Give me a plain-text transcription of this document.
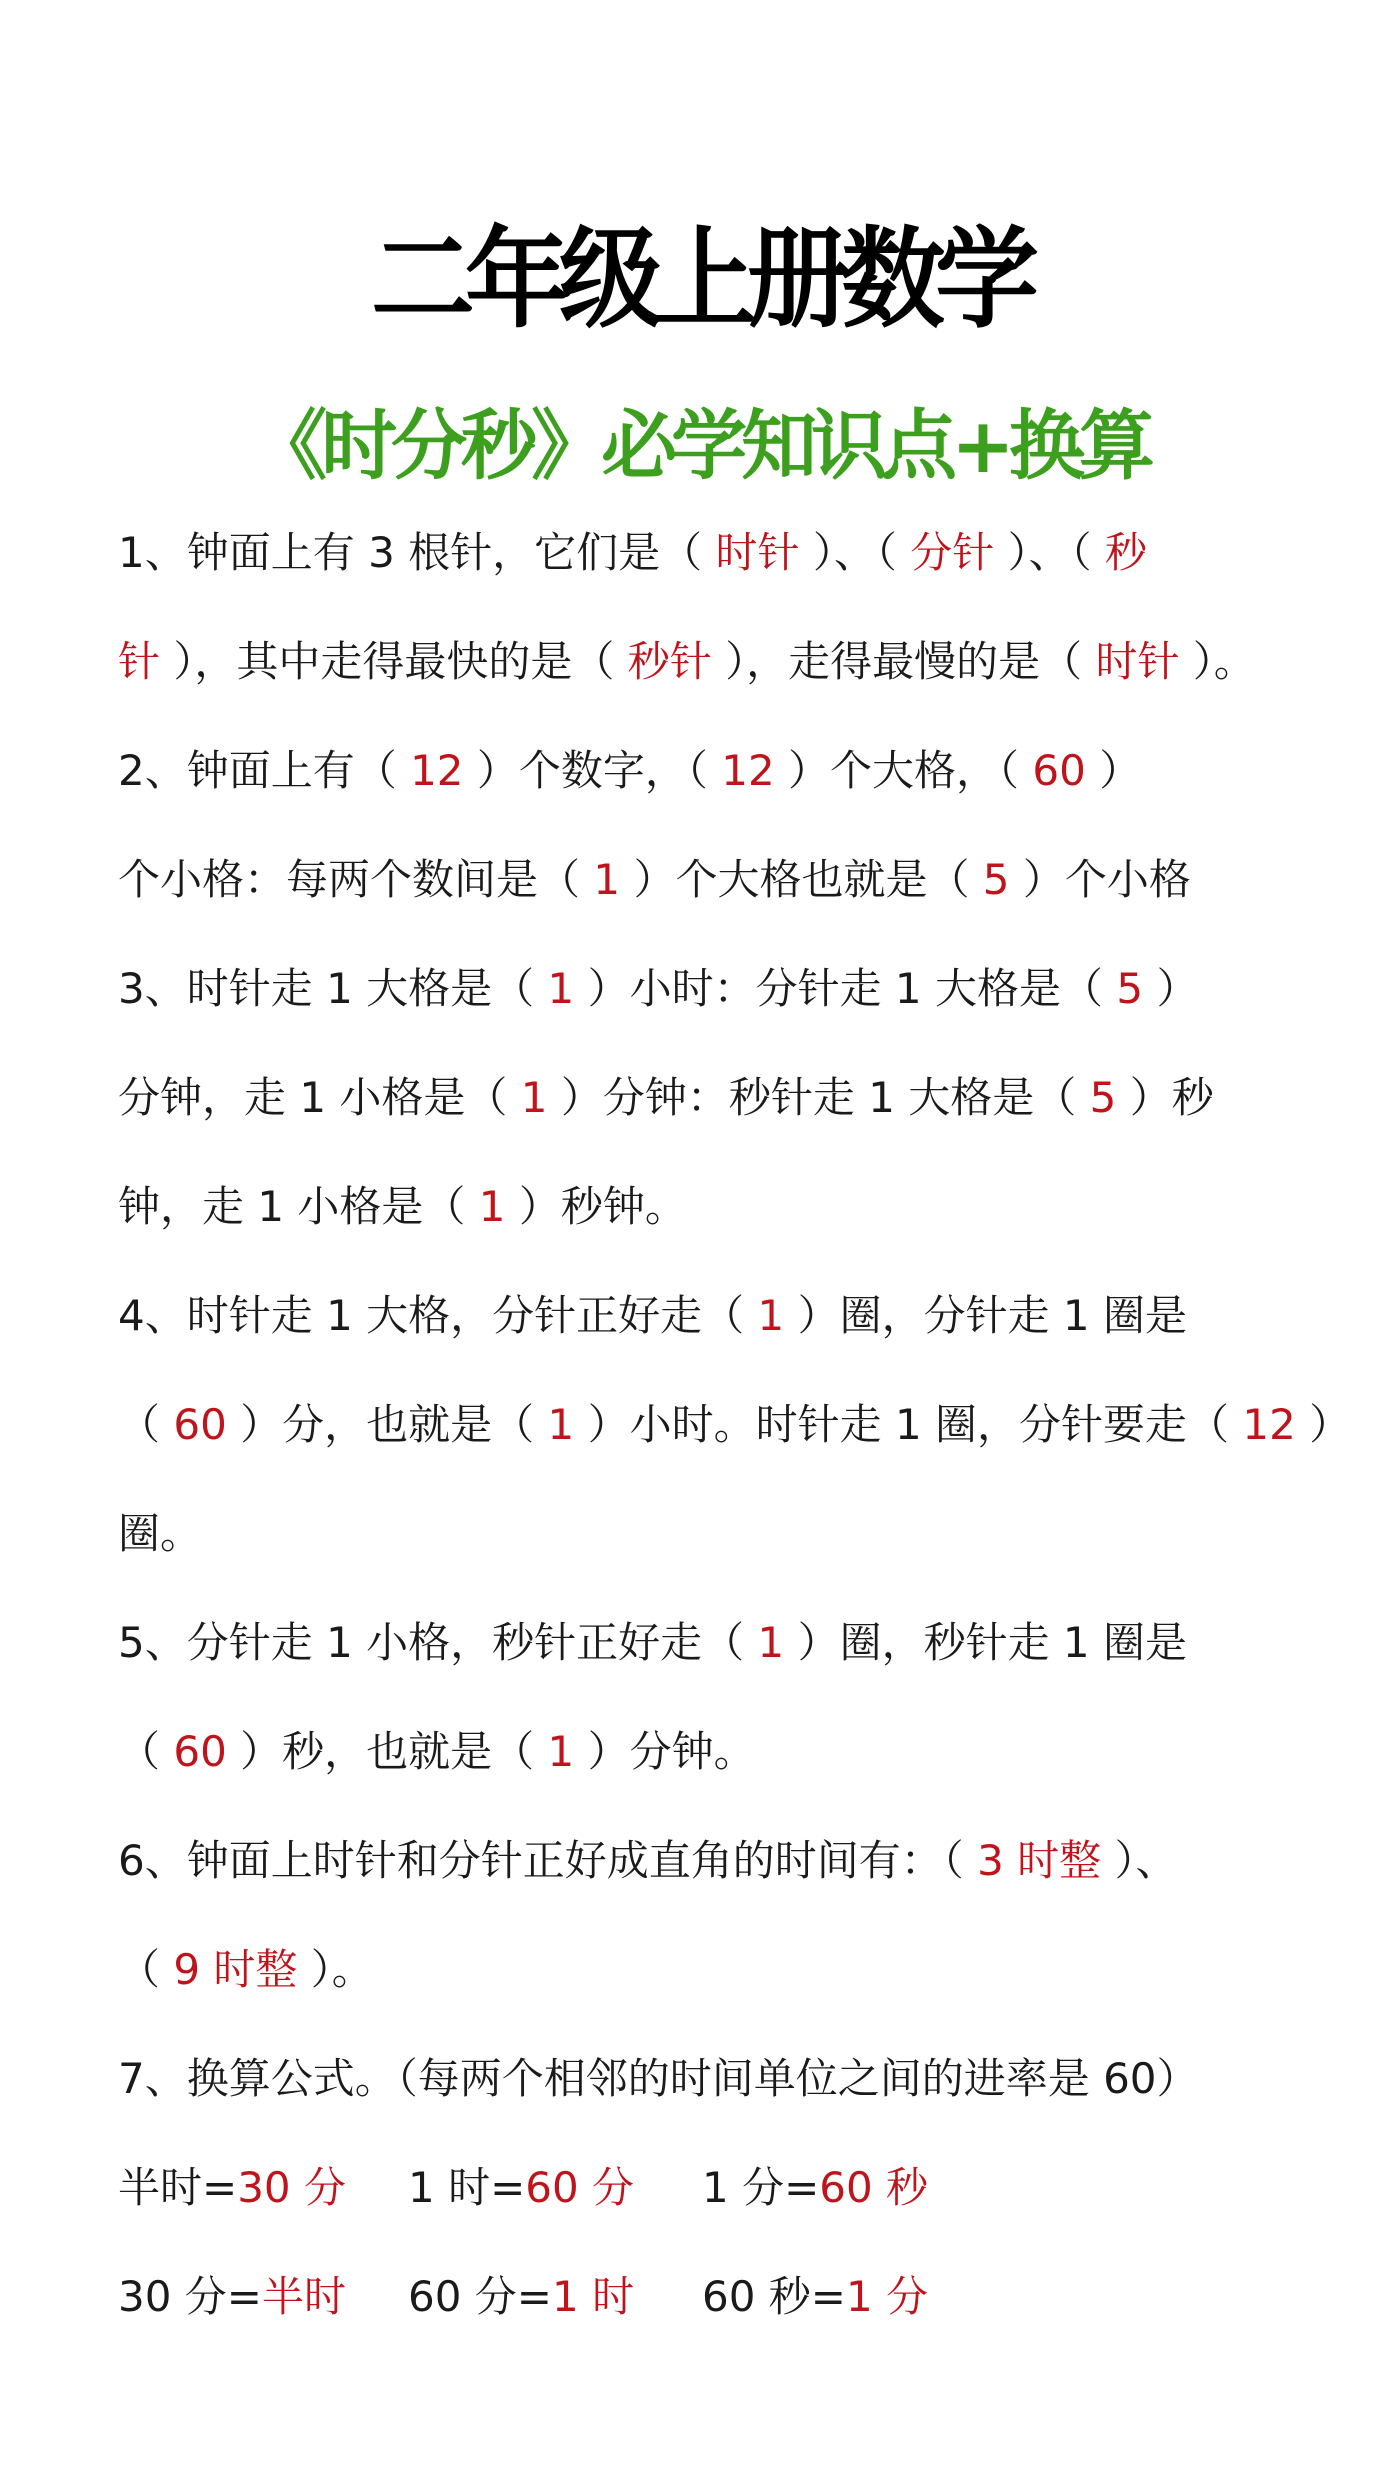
二年级上册数学
《时分秒》必学知识点+换算
1、钟面上有 3 根针，它们是（ 时针 ）、（ 分针 ）、（ 秒
针 ），其中走得最快的是（ 秒针 ），走得最慢的是（ 时针 ）。
2、钟面上有（ 12 ）个数字，（ 12 ）个大格，（ 60 ）
个小格：每两个数间是（ 1 ）个大格也就是（ 5 ）个小格
3、时针走 1 大格是（ 1 ）小时：分针走 1 大格是（ 5 ）
分钟，走 1 小格是（ 1 ）分钟：秒针走 1 大格是（ 5 ）秒
钟，走 1 小格是（ 1 ）秒钟。
4、时针走 1 大格，分针正好走（ 1 ）圈，分针走 1 圈是
（ 60 ）分，也就是（ 1 ）小时。时针走 1 圈，分针要走（ 12 ）
圈。
5、分针走 1 小格，秒针正好走（ 1 ）圈，秒针走 1 圈是
（ 60 ）秒，也就是（ 1 ）分钟。
6、钟面上时针和分针正好成直角的时间有：（ 3 时整 ）、
（ 9 时整 ）。
7、换算公式。（每两个相邻的时间单位之间的进率是 60）
半时=30 分 1 时=60 分 1 分=60 秒
30 分=半时 60 分=1 时 60 秒=1 分
